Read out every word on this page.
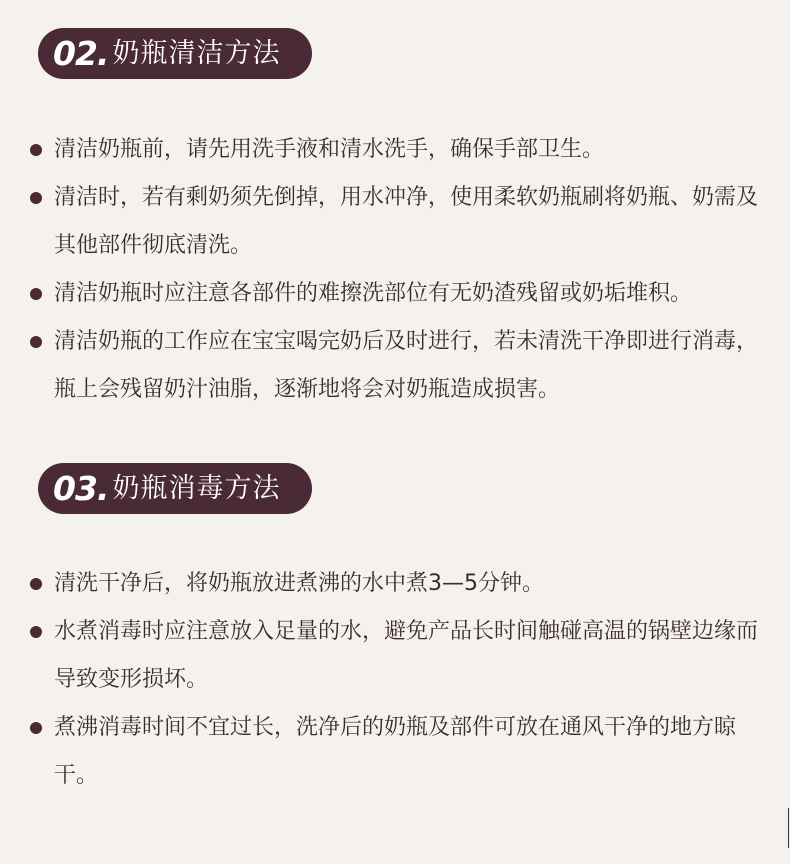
02. 奶瓶清洁方法
清洁奶瓶前，请先用洗手液和清水洗手，确保手部卫生。
清洁时，若有剩奶须先倒掉，用水冲净，使用柔软奶瓶刷将奶瓶、奶需及其他部件彻底清洗。
清洁奶瓶时应注意各部件的难擦洗部位有无奶渣残留或奶垢堆积。
清洁奶瓶的工作应在宝宝喝完奶后及时进行，若未清洗干净即进行消毒，瓶上会残留奶汁油脂，逐渐地将会对奶瓶造成损害。
03. 奶瓶消毒方法
清洗干净后，将奶瓶放进煮沸的水中煮3—5分钟。
水煮消毒时应注意放入足量的水，避免产品长时间触碰高温的锅壁边缘而导致变形损坏。
煮沸消毒时间不宜过长，洗净后的奶瓶及部件可放在通风干净的地方晾干。
